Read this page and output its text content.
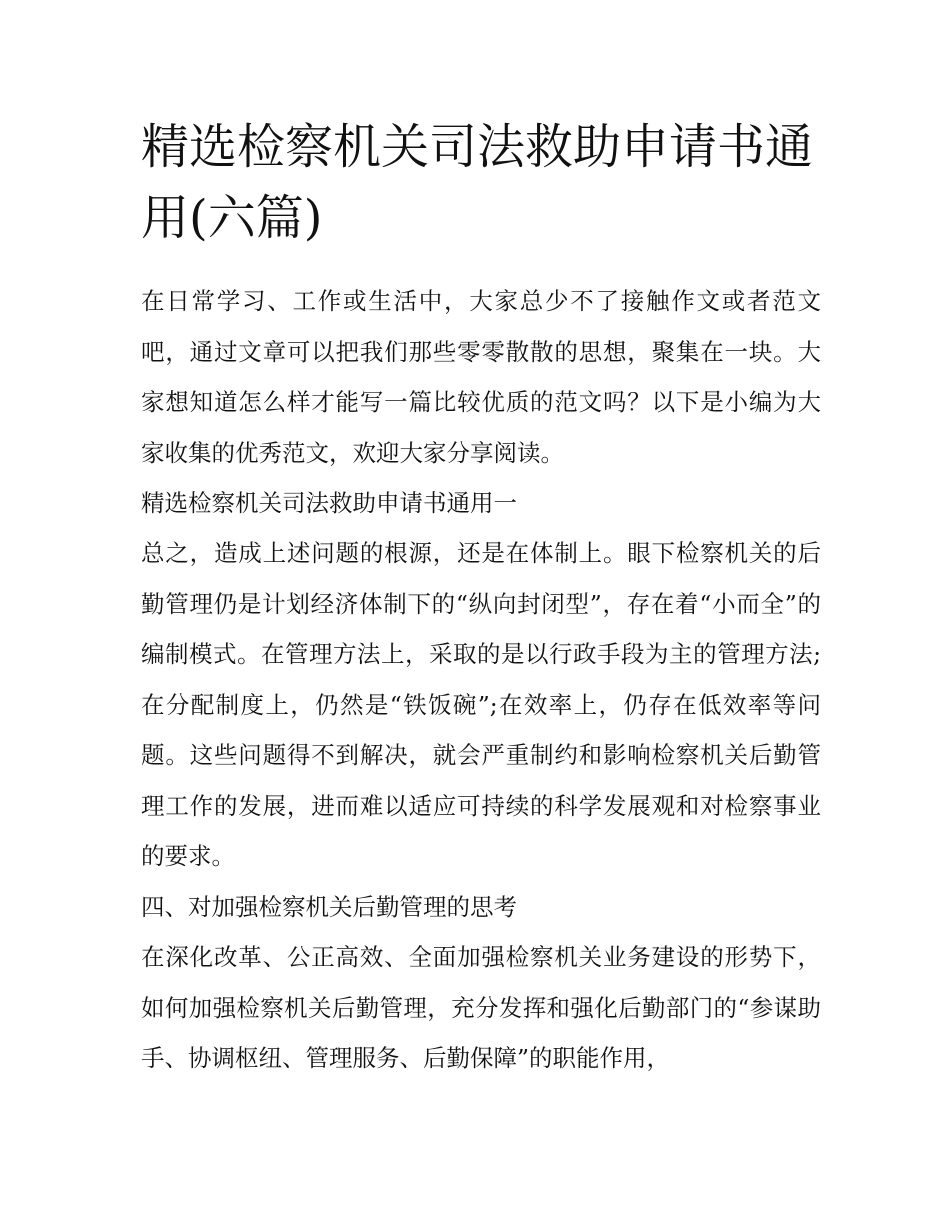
精选检察机关司法救助申请书通用(六篇)

在日常学习、工作或生活中，大家总少不了接触作文或者范文吧，通过文章可以把我们那些零零散散的思想，聚集在一块。大家想知道怎么样才能写一篇比较优质的范文吗？以下是小编为大家收集的优秀范文，欢迎大家分享阅读。

精选检察机关司法救助申请书通用一

总之，造成上述问题的根源，还是在体制上。眼下检察机关的后勤管理仍是计划经济体制下的“纵向封闭型”，存在着“小而全”的编制模式。在管理方法上，采取的是以行政手段为主的管理方法;在分配制度上，仍然是“铁饭碗”;在效率上，仍存在低效率等问题。这些问题得不到解决，就会严重制约和影响检察机关后勤管理工作的发展，进而难以适应可持续的科学发展观和对检察事业的要求。

四、对加强检察机关后勤管理的思考

在深化改革、公正高效、全面加强检察机关业务建设的形势下，如何加强检察机关后勤管理，充分发挥和强化后勤部门的“参谋助手、协调枢纽、管理服务、后勤保障”的职能作用，
